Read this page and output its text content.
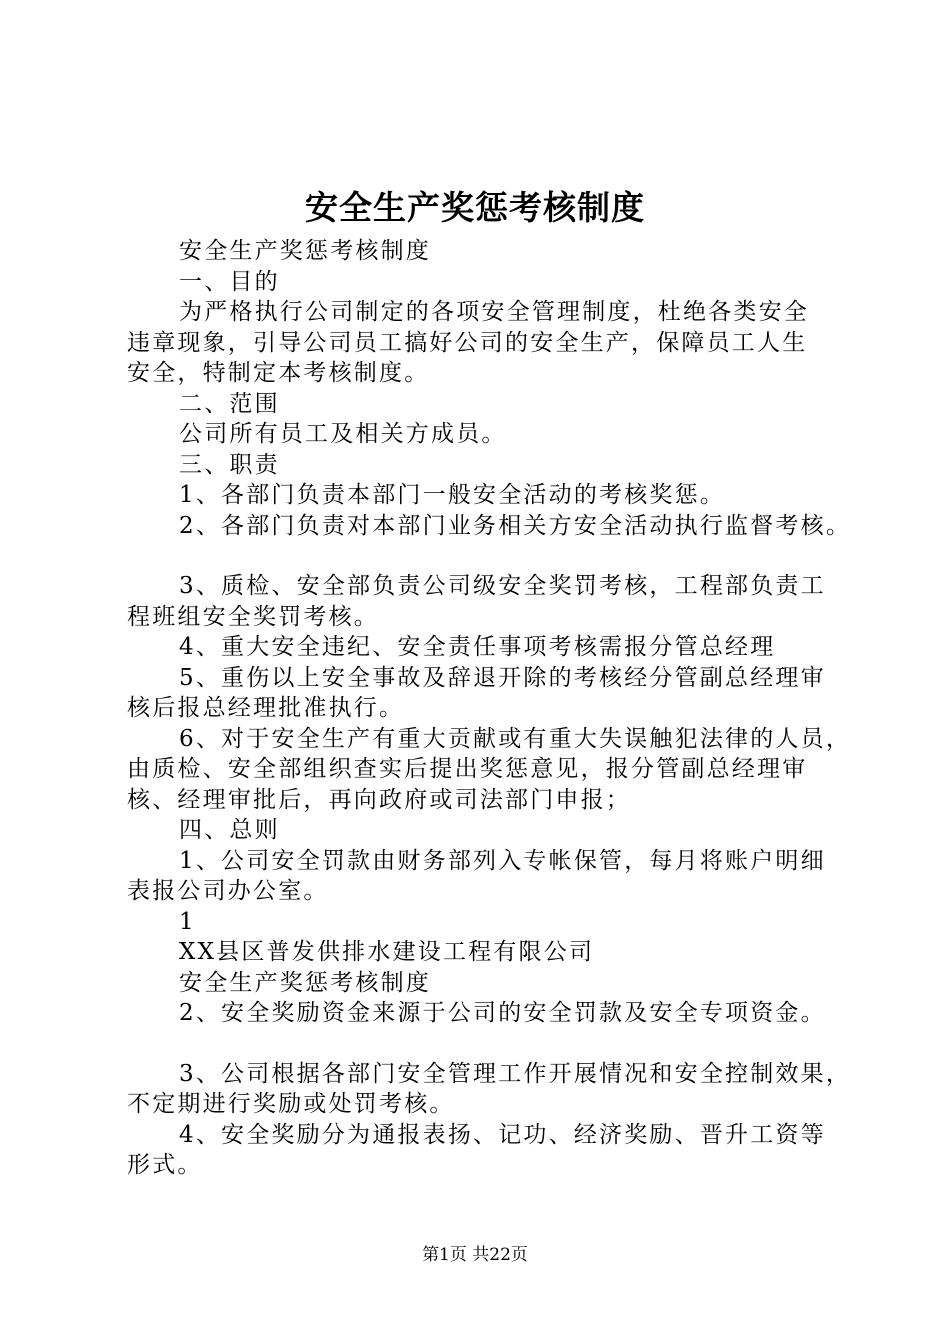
安全生产奖惩考核制度
安全生产奖惩考核制度
一、目的
为严格执行公司制定的各项安全管理制度，杜绝各类安全
违章现象，引导公司员工搞好公司的安全生产，保障员工人生
安全，特制定本考核制度。
二、范围
公司所有员工及相关方成员。
三、职责
1、各部门负责本部门一般安全活动的考核奖惩。
2、各部门负责对本部门业务相关方安全活动执行监督考核。
3、质检、安全部负责公司级安全奖罚考核，工程部负责工
程班组安全奖罚考核。
4、重大安全违纪、安全责任事项考核需报分管总经理
5、重伤以上安全事故及辞退开除的考核经分管副总经理审
核后报总经理批准执行。
6、对于安全生产有重大贡献或有重大失误触犯法律的人员，
由质检、安全部组织查实后提出奖惩意见，报分管副总经理审
核、经理审批后，再向政府或司法部门申报；
四、总则
1、公司安全罚款由财务部列入专帐保管，每月将账户明细
表报公司办公室。
1
XX县区普发供排水建设工程有限公司
安全生产奖惩考核制度
2、安全奖励资金来源于公司的安全罚款及安全专项资金。
3、公司根据各部门安全管理工作开展情况和安全控制效果，
不定期进行奖励或处罚考核。
4、安全奖励分为通报表扬、记功、经济奖励、晋升工资等
形式。
第1页 共22页
